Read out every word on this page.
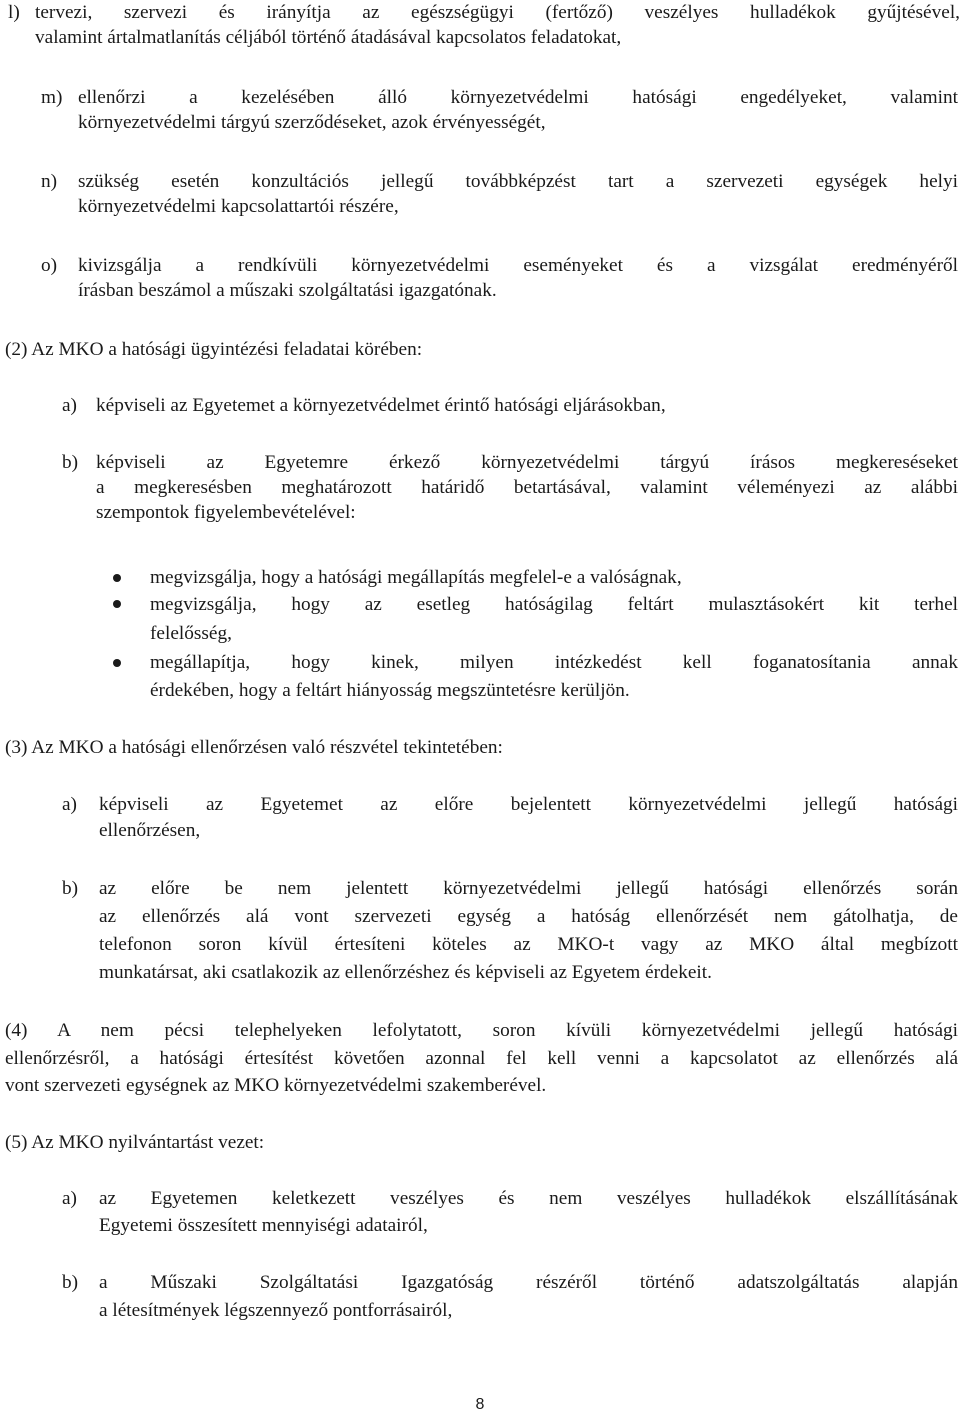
l) tervezi, szervezi és irányítja az egészségügyi (fertőző) veszélyes hulladékok gyűjtésével,
valamint ártalmatlanítás céljából történő átadásával kapcsolatos feladatokat,
m) ellenőrzi a kezelésében álló környezetvédelmi hatósági engedélyeket, valamint
környezetvédelmi tárgyú szerződéseket, azok érvényességét,
n) szükség esetén konzultációs jellegű továbbképzést tart a szervezeti egységek helyi
környezetvédelmi kapcsolattartói részére,
o) kivizsgálja a rendkívüli környezetvédelmi eseményeket és a vizsgálat eredményéről
írásban beszámol a műszaki szolgáltatási igazgatónak.
(2) Az MKO a hatósági ügyintézési feladatai körében:
a) képviseli az Egyetemet a környezetvédelmet érintő hatósági eljárásokban,
b) képviseli az Egyetemre érkező környezetvédelmi tárgyú írásos megkereséseket
a megkeresésben meghatározott határidő betartásával, valamint véleményezi az alábbi
szempontok figyelembevételével:
megvizsgálja, hogy a hatósági megállapítás megfelel-e a valóságnak,
megvizsgálja, hogy az esetleg hatóságilag feltárt mulasztásokért kit terhel
felelősség,
megállapítja, hogy kinek, milyen intézkedést kell foganatosítania annak
érdekében, hogy a feltárt hiányosság megszüntetésre kerüljön.
(3) Az MKO a hatósági ellenőrzésen való részvétel tekintetében:
a) képviseli az Egyetemet az előre bejelentett környezetvédelmi jellegű hatósági
ellenőrzésen,
b) az előre be nem jelentett környezetvédelmi jellegű hatósági ellenőrzés során
az ellenőrzés alá vont szervezeti egység a hatóság ellenőrzését nem gátolhatja, de
telefonon soron kívül értesíteni köteles az MKO-t vagy az MKO által megbízott
munkatársat, aki csatlakozik az ellenőrzéshez és képviseli az Egyetem érdekeit.
(4) A nem pécsi telephelyeken lefolytatott, soron kívüli környezetvédelmi jellegű hatósági
ellenőrzésről, a hatósági értesítést követően azonnal fel kell venni a kapcsolatot az ellenőrzés alá
vont szervezeti egységnek az MKO környezetvédelmi szakemberével.
(5) Az MKO nyilvántartást vezet:
a) az Egyetemen keletkezett veszélyes és nem veszélyes hulladékok elszállításának
Egyetemi összesített mennyiségi adatairól,
b) a Műszaki Szolgáltatási Igazgatóság részéről történő adatszolgáltatás alapján
a létesítmények légszennyező pontforrásairól,
8
